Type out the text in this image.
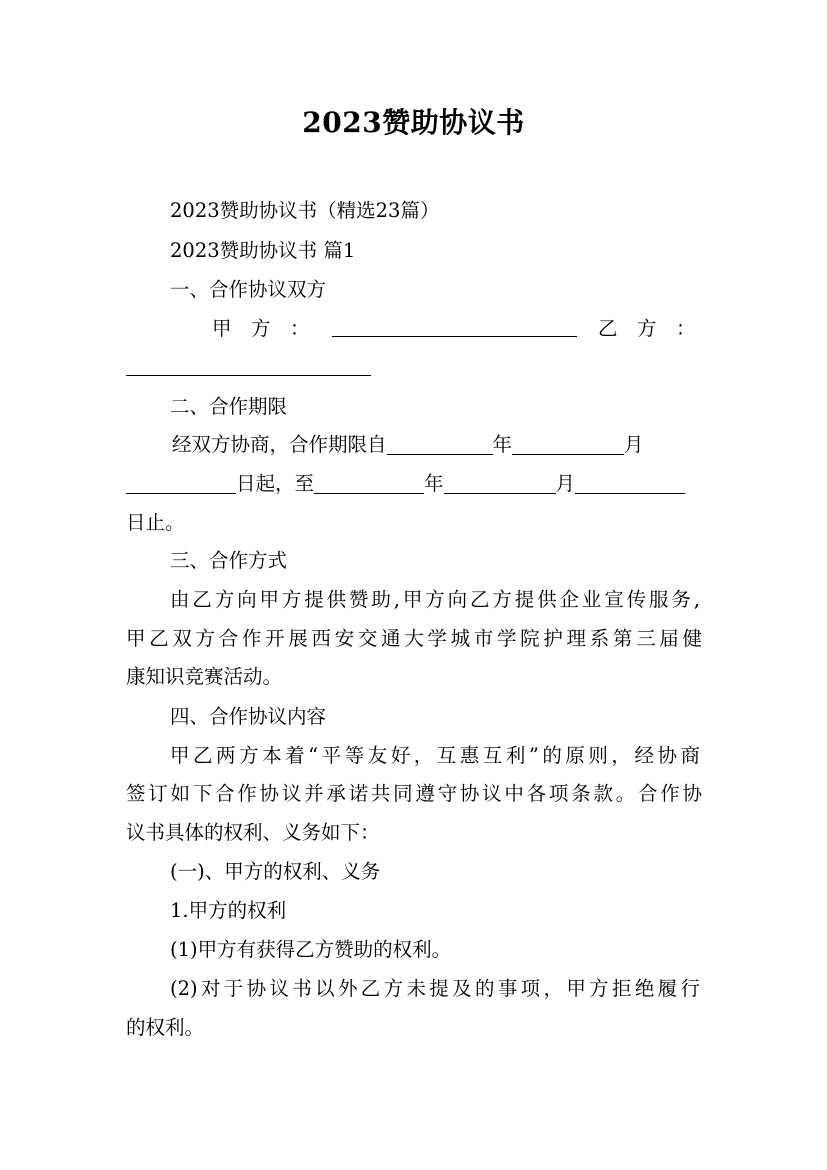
2023赞助协议书
2023赞助协议书（精选23篇）
2023赞助协议书 篇1
一、合作协议双方
甲　方　：	乙　方　：
二、合作期限
经双方协商，合作期限自	年	月
日起，至	年	月
日止。
三、合作方式
由乙方向甲方提供赞助,甲方向乙方提供企业宣传服务,
甲乙双方合作开展西安交通大学城市学院护理系第三届健
康知识竞赛活动。
四、合作协议内容
甲乙两方本着“平等友好，互惠互利”的原则，经协商
签订如下合作协议并承诺共同遵守协议中各项条款。合作协
议书具体的权利、义务如下：
(一)、甲方的权利、义务
1.甲方的权利
(1)甲方有获得乙方赞助的权利。
(2)对于协议书以外乙方未提及的事项，甲方拒绝履行
的权利。
